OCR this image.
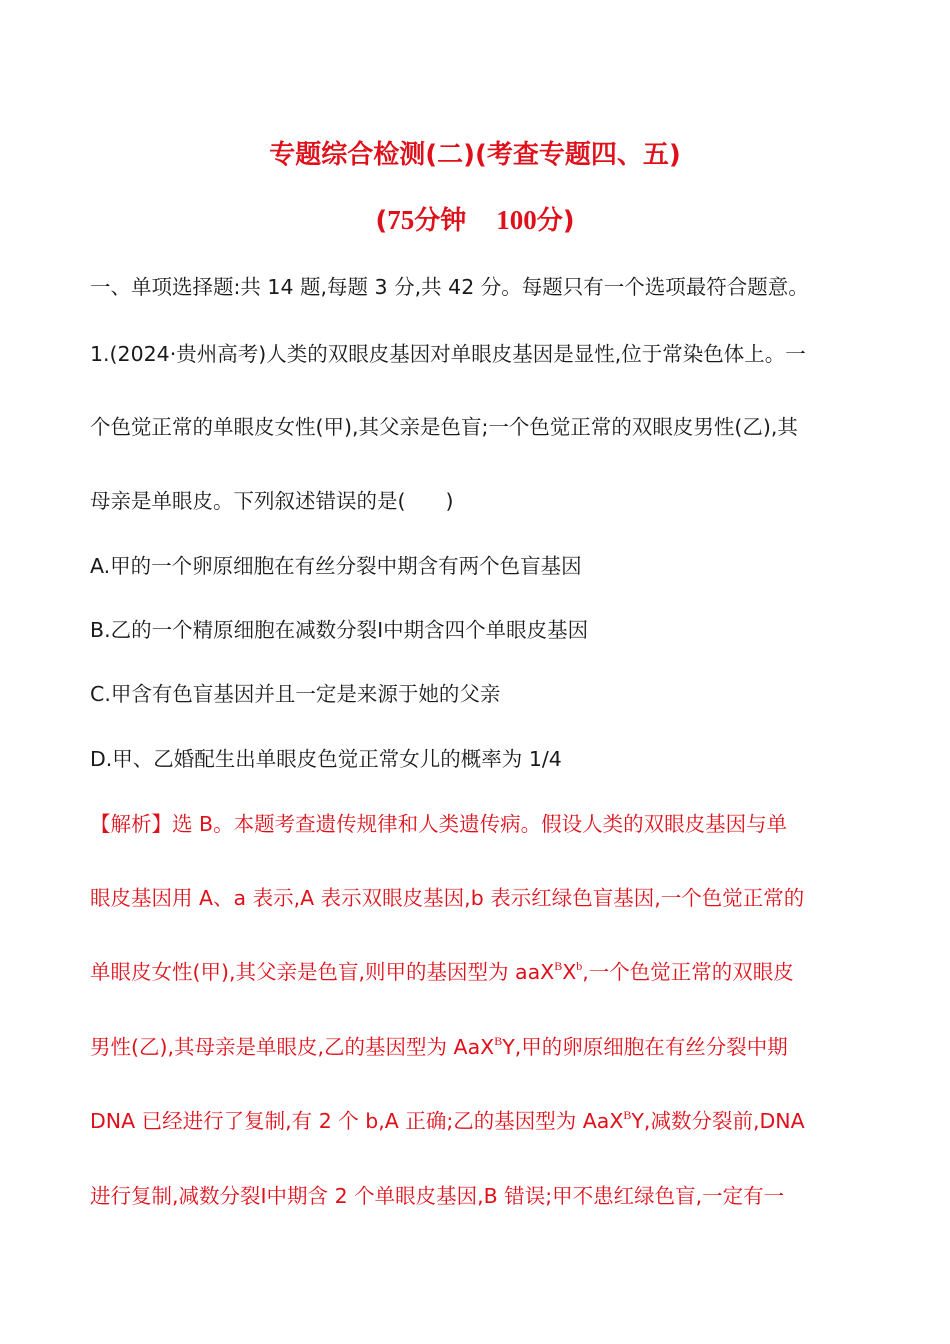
专题综合检测(二)(考查专题四、五)
(75分钟 100分)
一、单项选择题:共 14 题,每题 3 分,共 42 分。每题只有一个选项最符合题意。
1.(2024·贵州高考)人类的双眼皮基因对单眼皮基因是显性,位于常染色体上。一
个色觉正常的单眼皮女性(甲),其父亲是色盲;一个色觉正常的双眼皮男性(乙),其
母亲是单眼皮。下列叙述错误的是( )
A.甲的一个卵原细胞在有丝分裂中期含有两个色盲基因
B.乙的一个精原细胞在减数分裂Ⅰ中期含四个单眼皮基因
C.甲含有色盲基因并且一定是来源于她的父亲
D.甲、乙婚配生出单眼皮色觉正常女儿的概率为 1/4
【解析】选 B。本题考查遗传规律和人类遗传病。假设人类的双眼皮基因与单
眼皮基因用 A、a 表示,A 表示双眼皮基因,b 表示红绿色盲基因,一个色觉正常的
单眼皮女性(甲),其父亲是色盲,则甲的基因型为 $aaX^BX^b$,一个色觉正常的双眼皮
男性(乙),其母亲是单眼皮,乙的基因型为 AaX$^B$Y,甲的卵原细胞在有丝分裂中期
DNA 已经进行了复制,有 2 个 b,A 正确;乙的基因型为 AaX$^B$Y,减数分裂前,DNA
进行复制,减数分裂Ⅰ中期含 2 个单眼皮基因,B 错误;甲不患红绿色盲,一定有一
